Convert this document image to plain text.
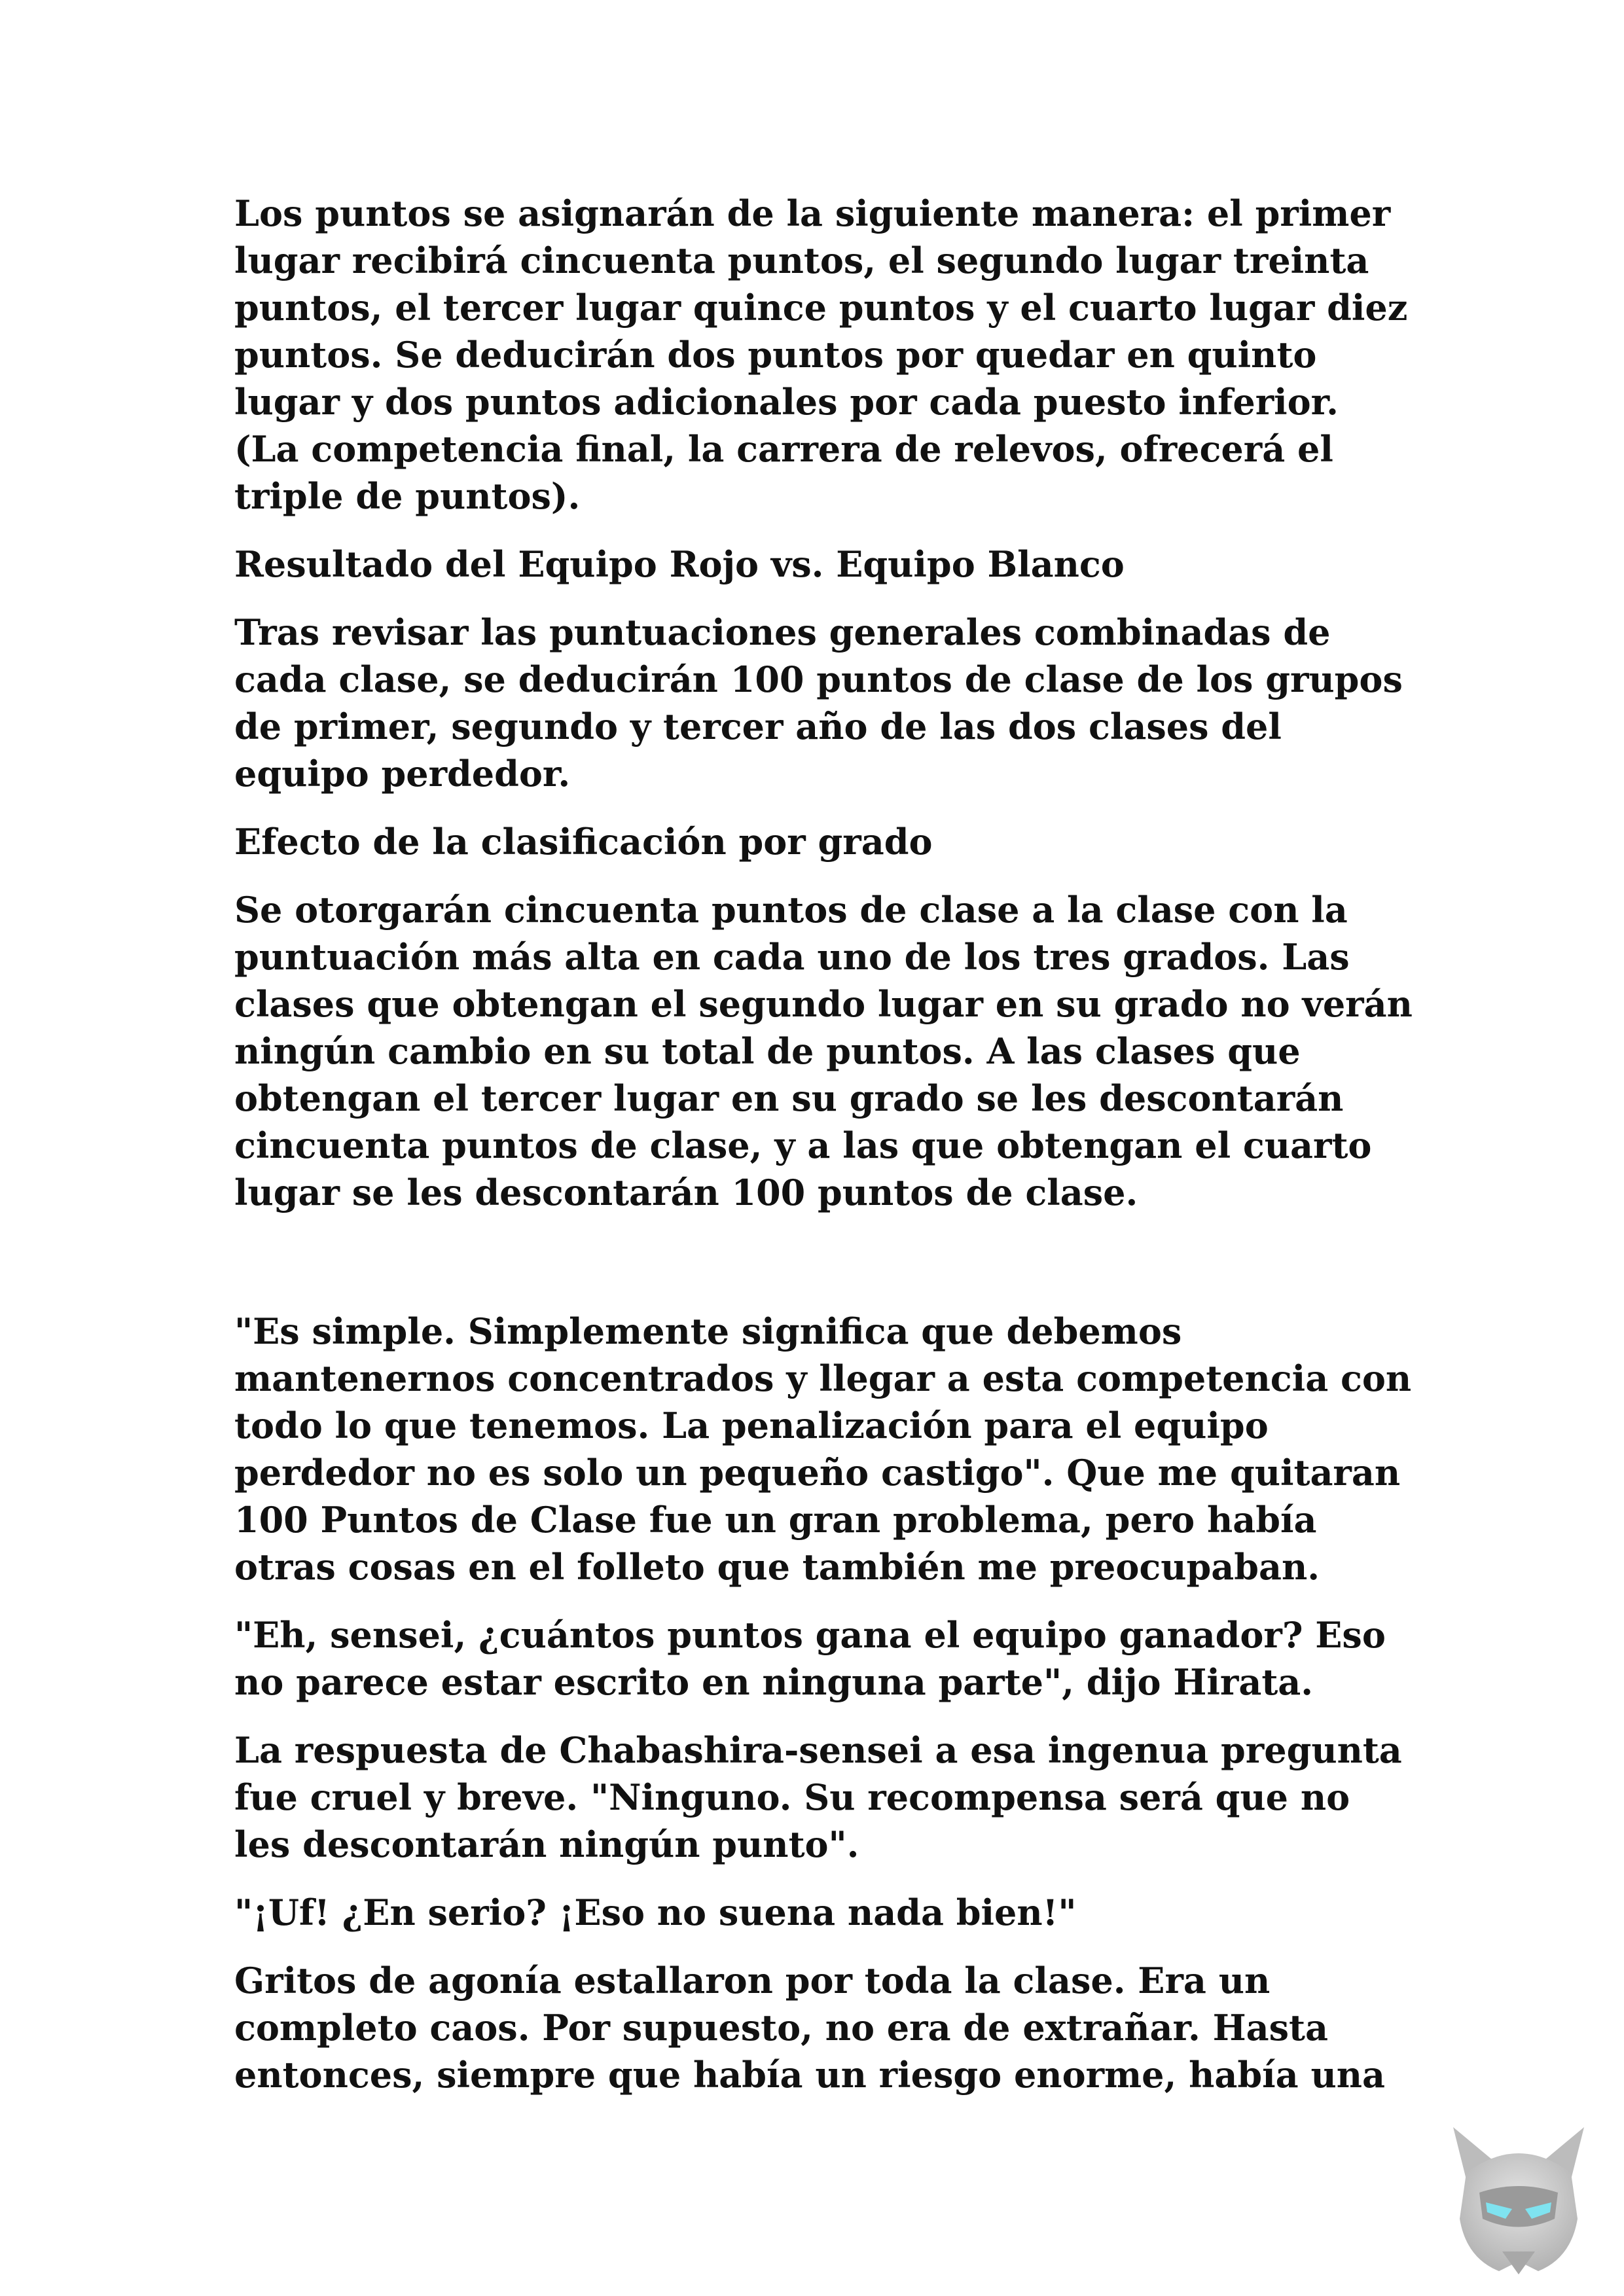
Los puntos se asignarán de la siguiente manera: el primer lugar recibirá cincuenta puntos, el segundo lugar treinta puntos, el tercer lugar quince puntos y el cuarto lugar diez puntos. Se deducirán dos puntos por quedar en quinto lugar y dos puntos adicionales por cada puesto inferior. (La competencia final, la carrera de relevos, ofrecerá el triple de puntos).

Resultado del Equipo Rojo vs. Equipo Blanco

Tras revisar las puntuaciones generales combinadas de cada clase, se deducirán 100 puntos de clase de los grupos de primer, segundo y tercer año de las dos clases del equipo perdedor.

Efecto de la clasificación por grado

Se otorgarán cincuenta puntos de clase a la clase con la puntuación más alta en cada uno de los tres grados. Las clases que obtengan el segundo lugar en su grado no verán ningún cambio en su total de puntos. A las clases que obtengan el tercer lugar en su grado se les descontarán cincuenta puntos de clase, y a las que obtengan el cuarto lugar se les descontarán 100 puntos de clase.

"Es simple. Simplemente significa que debemos mantenernos concentrados y llegar a esta competencia con todo lo que tenemos. La penalización para el equipo perdedor no es solo un pequeño castigo". Que me quitaran 100 Puntos de Clase fue un gran problema, pero había otras cosas en el folleto que también me preocupaban.

"Eh, sensei, ¿cuántos puntos gana el equipo ganador? Eso no parece estar escrito en ninguna parte", dijo Hirata.

La respuesta de Chabashira-sensei a esa ingenua pregunta fue cruel y breve. "Ninguno. Su recompensa será que no les descontarán ningún punto".

"¡Uf! ¿En serio? ¡Eso no suena nada bien!"

Gritos de agonía estallaron por toda la clase. Era un completo caos. Por supuesto, no era de extrañar. Hasta entonces, siempre que había un riesgo enorme, había una
